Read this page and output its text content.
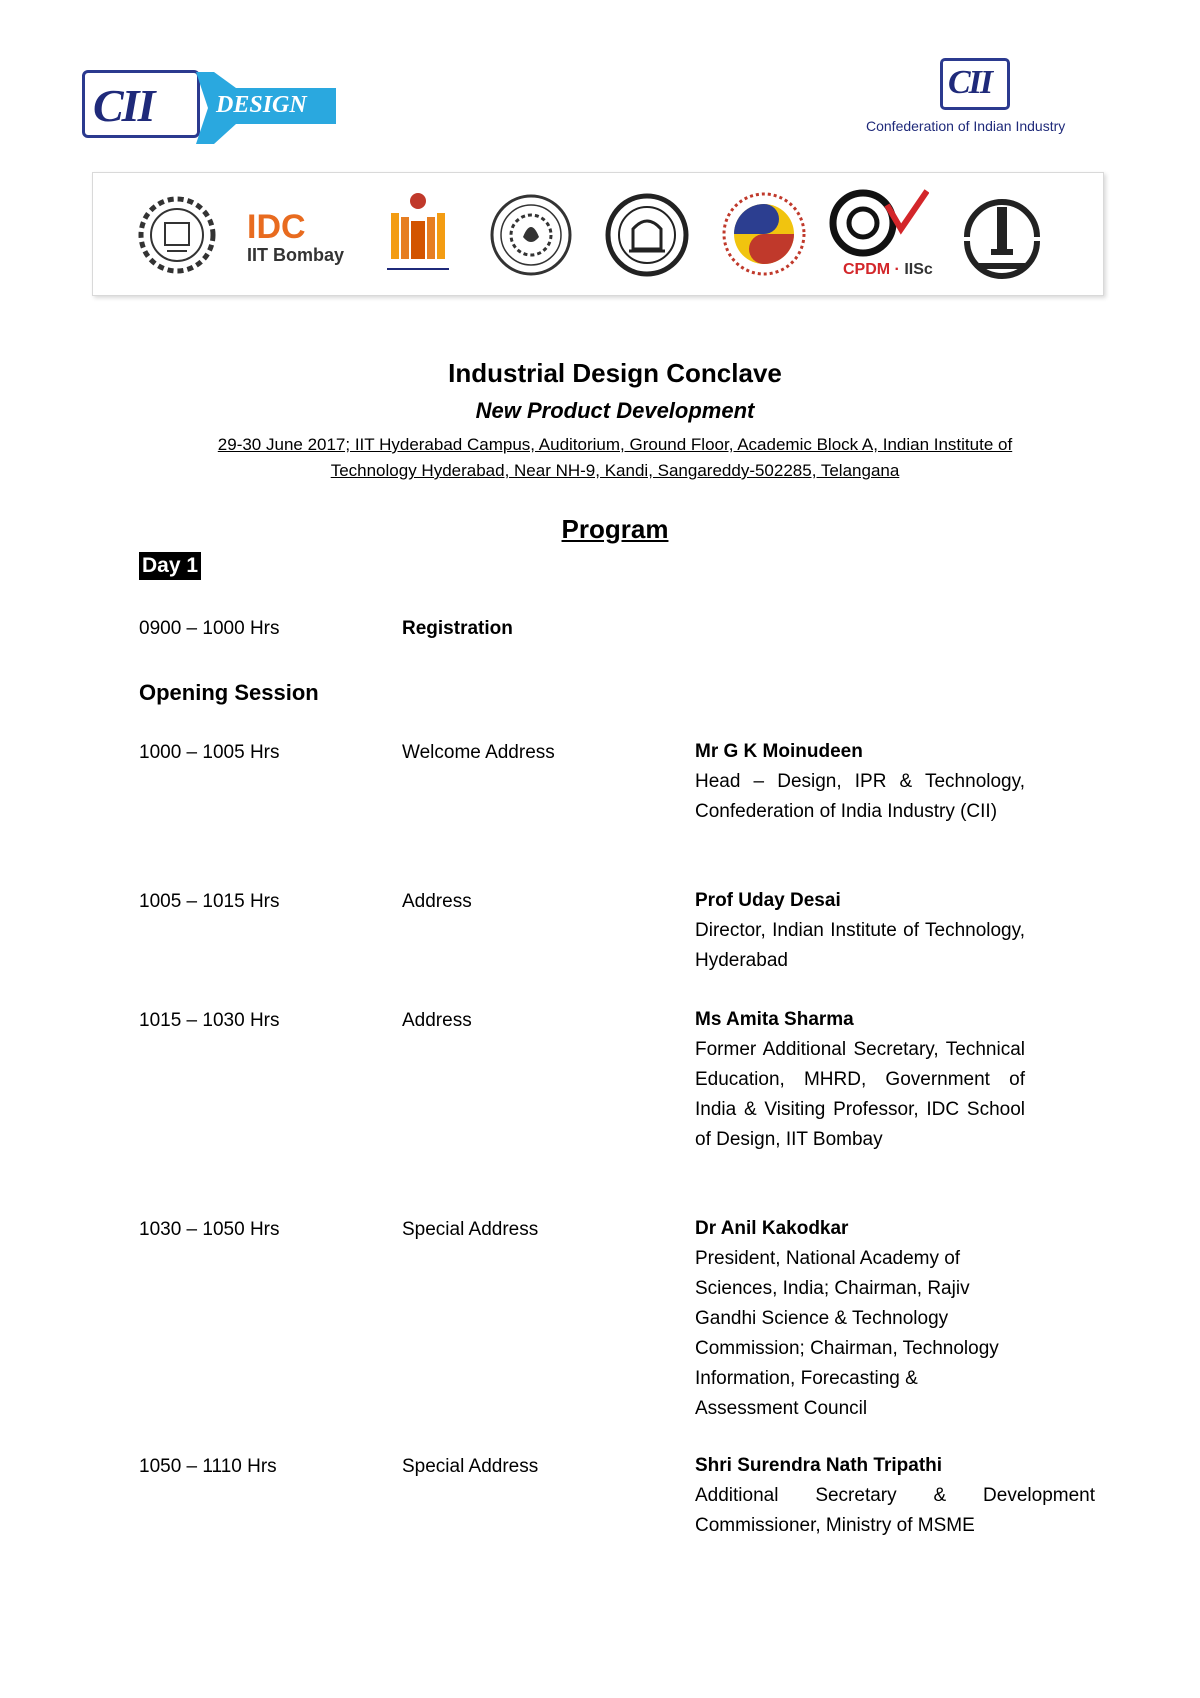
CII	DESIGN
CII
Confederation of Indian Industry
IDC
IIT Bombay
CPDM · IISc
Industrial Design Conclave
New Product Development
29-30 June 2017; IIT Hyderabad Campus, Auditorium, Ground Floor, Academic Block A, Indian Institute of Technology Hyderabad, Near NH-9, Kandi, Sangareddy-502285, Telangana
Program
Day 1
0900 – 1000 Hrs	Registration
Opening Session
1000 – 1005 Hrs	Welcome Address	Mr G K Moinudeen
Head – Design, IPR & Technology, Confederation of India Industry (CII)
1005 – 1015 Hrs	Address	Prof Uday Desai
Director, Indian Institute of Technology, Hyderabad
1015 – 1030 Hrs	Address	Ms Amita Sharma
Former Additional Secretary, Technical Education, MHRD, Government of India & Visiting Professor, IDC School of Design, IIT Bombay
1030 – 1050 Hrs	Special Address	Dr Anil Kakodkar
President, National Academy of Sciences, India; Chairman, Rajiv Gandhi Science & Technology Commission; Chairman, Technology Information, Forecasting & Assessment Council
1050 – 1110 Hrs	Special Address	Shri Surendra Nath Tripathi
Additional Secretary & Development Commissioner, Ministry of MSME
